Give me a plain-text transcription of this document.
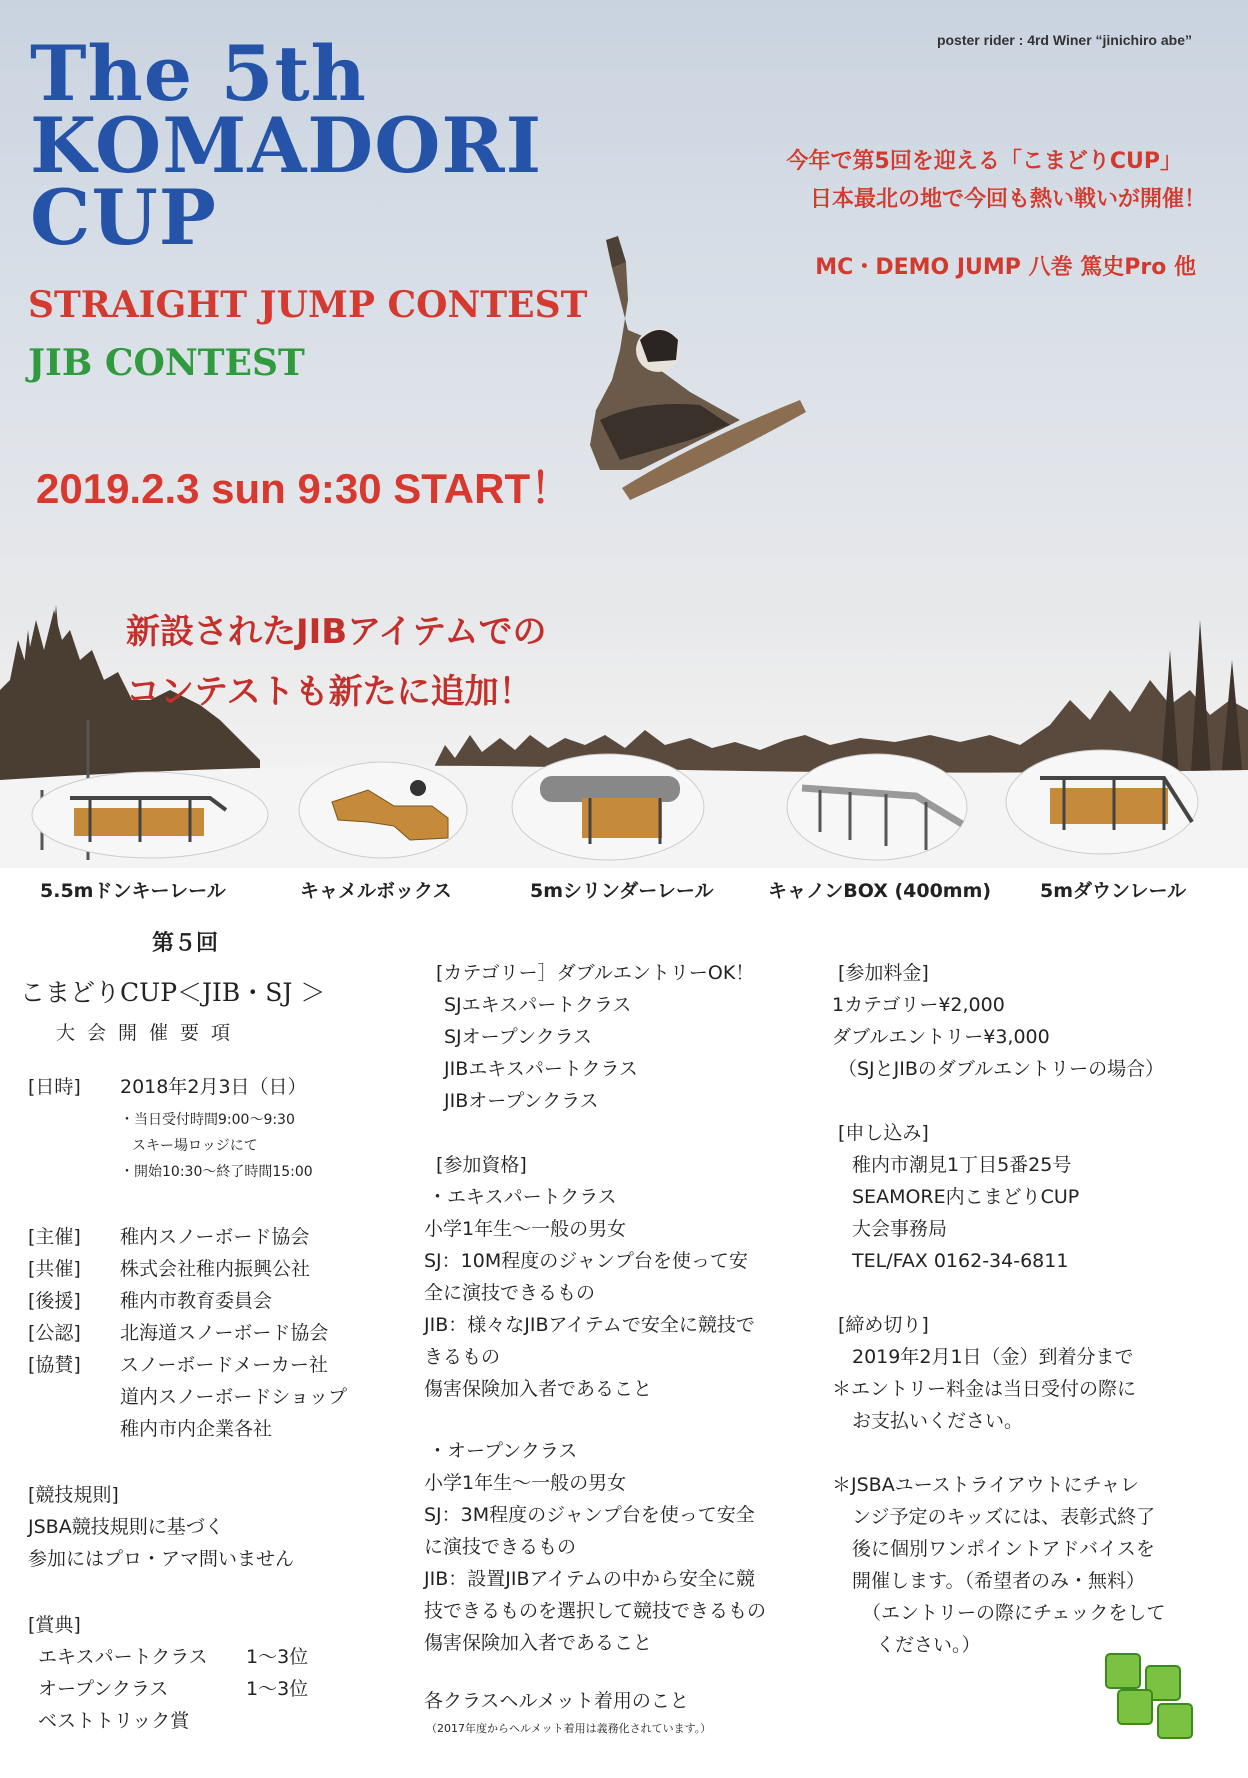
poster rider : 4rd Winer “jinichiro abe”
The 5th
KOMADORI
CUP
STRAIGHT JUMP CONTEST
JIB CONTEST
2019.2.3 sun 9:30 START！
今年で第5回を迎える「こまどりCUP」
日本最北の地で今回も熱い戦いが開催！
MC・DEMO JUMP 八巻 篤史Pro 他
新設されたJIBアイテムでの
コンテストも新たに追加！
5.5mドンキーレール	キャメルボックス	5mシリンダーレール	キャノンBOX (400mm)	5mダウンレール
第５回
こまどりCUP＜JIB・SJ ＞
大会開催要項
[日時] 2018年2月3日（日）
・当日受付時間9:00〜9:30
スキー場ロッジにて
・開始10:30〜終了時間15:00
[主催] 稚内スノーボード協会
[共催] 株式会社稚内振興公社
[後援] 稚内市教育委員会
[公認] 北海道スノーボード協会
[協賛] スノーボードメーカー社
道内スノーボードショップ
稚内市内企業各社
[競技規則]
JSBA競技規則に基づく
参加にはプロ・アマ問いません
[賞典]
エキスパートクラス 1〜3位
オープンクラス	1〜3位
ベストトリック賞
[カテゴリー］ダブルエントリーOK！
SJエキスパートクラス
SJオープンクラス
JIBエキスパートクラス
JIBオープンクラス
[参加資格]
・エキスパートクラス
小学1年生〜一般の男女
SJ：10M程度のジャンプ台を使って安
全に演技できるもの
JIB：様々なJIBアイテムで安全に競技で
きるもの
傷害保険加入者であること
・オープンクラス
小学1年生〜一般の男女
SJ：3M程度のジャンプ台を使って安全
に演技できるもの
JIB：設置JIBアイテムの中から安全に競
技できるものを選択して競技できるもの
傷害保険加入者であること
各クラスヘルメット着用のこと
（2017年度からヘルメット着用は義務化されています。）
[参加料金]
1カテゴリー¥2,000
ダブルエントリー¥3,000
（SJとJIBのダブルエントリーの場合）
[申し込み]
稚内市潮見1丁目5番25号
SEAMORE内こまどりCUP
大会事務局
TEL/FAX 0162-34-6811
[締め切り]
2019年2月1日（金）到着分まで
＊エントリー料金は当日受付の際に
お支払いください。
＊JSBAユーストライアウトにチャレ
ンジ予定のキッズには、表彰式終了
後に個別ワンポイントアドバイスを
開催します。（希望者のみ・無料）
（エントリーの際にチェックをして
ください。）
